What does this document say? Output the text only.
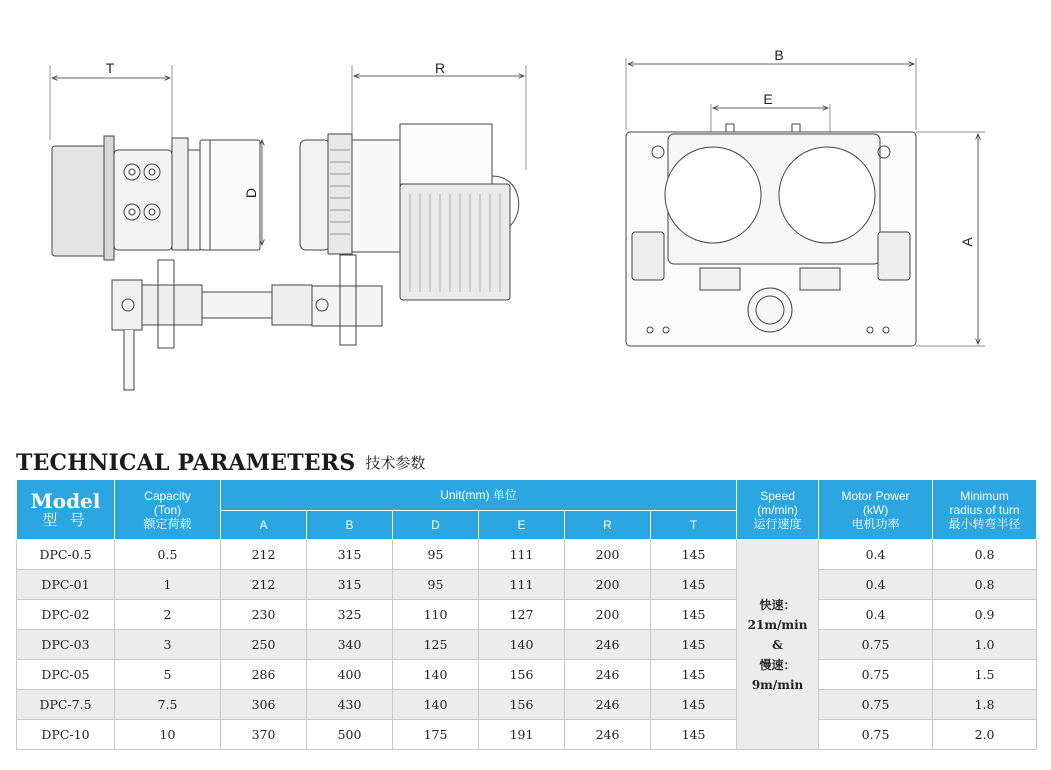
T	R
D
B
E
A
TECHNICAL PARAMETERS 技术参数
Model
型 号	Capacity
(Ton)
额定荷载	Unit(mm) 单位						Speed
(m/min)
运行速度	Motor Power
(kW)
电机功率	Minimum
radius of turn
最小转弯半径

		A	B	D	E	R	T			
DPC-0.5	0.5	212	315	95	111	200	145	快速：
21m/min
&
慢速：
9m/min	0.4	0.8
DPC-01	1	212	315	95	111	200	145		0.4	0.8
DPC-02	2	230	325	110	127	200	145		0.4	0.9
DPC-03	3	250	340	125	140	246	145		0.75	1.0
DPC-05	5	286	400	140	156	246	145		0.75	1.5
DPC-7.5	7.5	306	430	140	156	246	145		0.75	1.8
DPC-10	10	370	500	175	191	246	145		0.75	2.0
